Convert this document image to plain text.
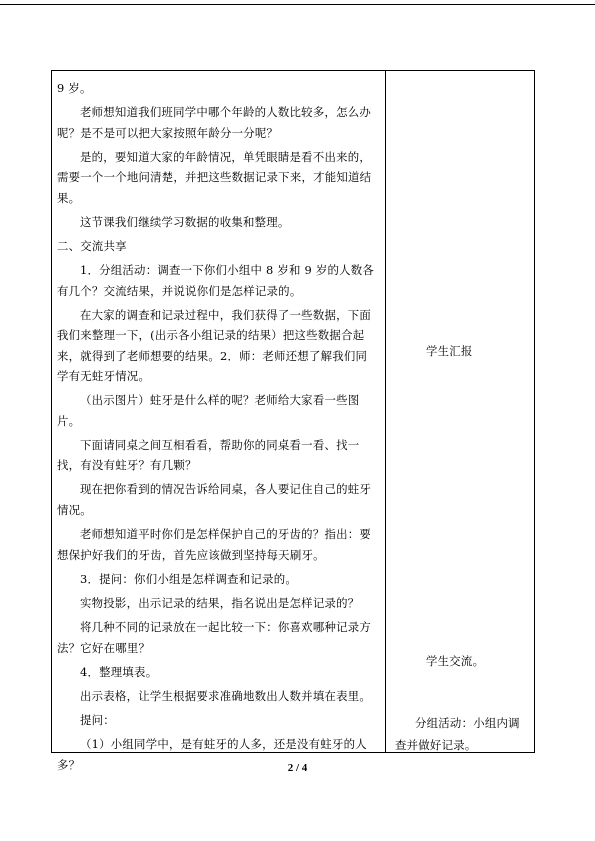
9 岁。

老师想知道我们班同学中哪个年龄的人数比较多，怎么办

呢？是不是可以把大家按照年龄分一分呢？

是的，要知道大家的年龄情况，单凭眼睛是看不出来的，

需要一个一个地问清楚，并把这些数据记录下来，才能知道结

果。

这节课我们继续学习数据的收集和整理。

二、交流共享

1．分组活动：调查一下你们小组中 8 岁和 9 岁的人数各

有几个？交流结果，并说说你们是怎样记录的。

在大家的调查和记录过程中，我们获得了一些数据，下面

我们来整理一下，(出示各小组记录的结果）把这些数据合起

来，就得到了老师想要的结果。2．师：老师还想了解我们同

学有无蛀牙情况。

（出示图片）蛀牙是什么样的呢？老师给大家看一些图

片。

下面请同桌之间互相看看，帮助你的同桌看一看、找一

找，有没有蛀牙？有几颗？

现在把你看到的情况告诉给同桌，各人要记住自己的蛀牙

情况。

老师想知道平时你们是怎样保护自己的牙齿的？指出：要

想保护好我们的牙齿，首先应该做到坚持每天刷牙。

3．提问：你们小组是怎样调查和记录的。

实物投影，出示记录的结果，指名说出是怎样记录的？

将几种不同的记录放在一起比较一下：你喜欢哪种记录方

法？它好在哪里？

4．整理填表。

出示表格，让学生根据要求准确地数出人数并填在表里。

提问：

（1）小组同学中，是有蛀牙的人多，还是没有蛀牙的人

多？

学生汇报
学生交流。
分组活动：小组内调
查并做好记录。
2 / 4
